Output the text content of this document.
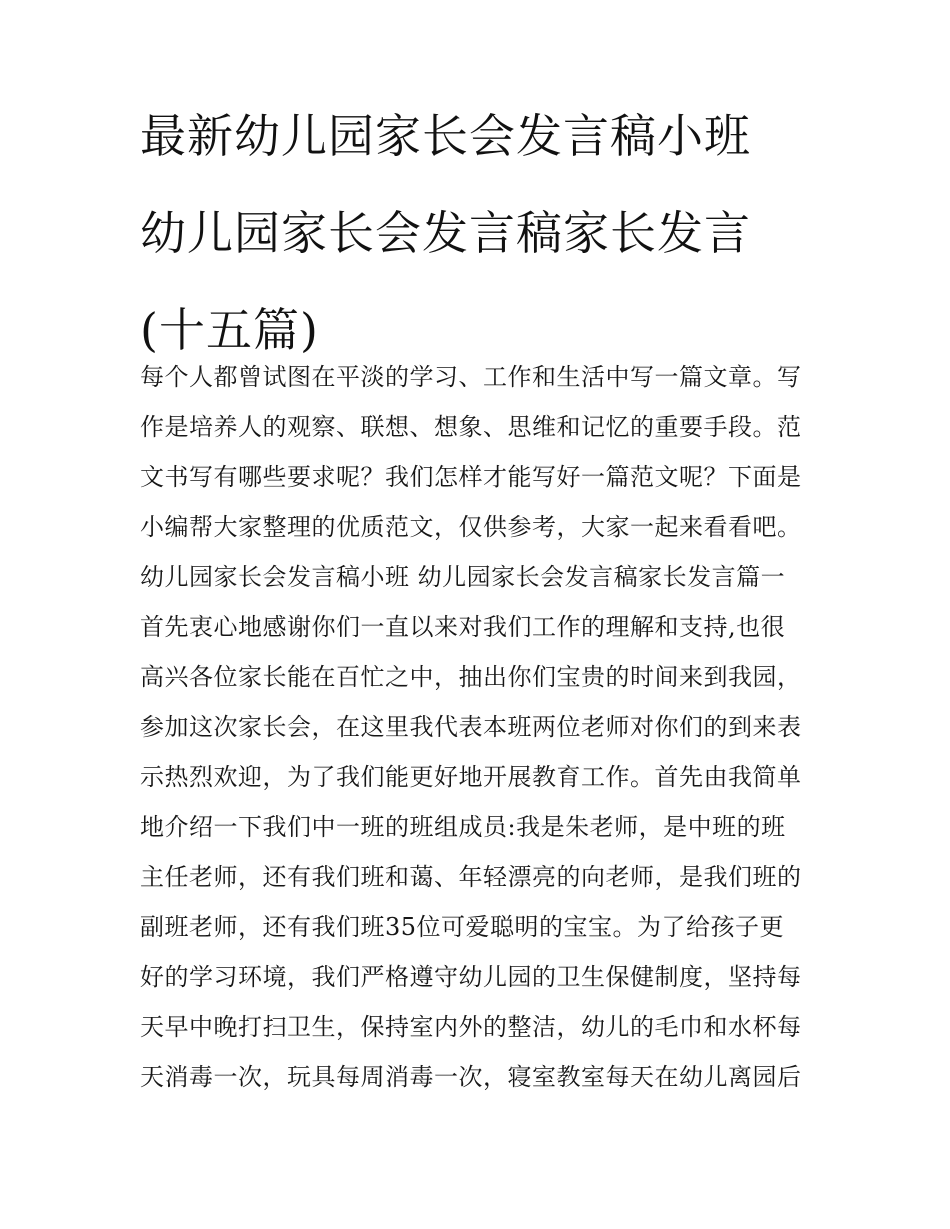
最新幼儿园家长会发言稿小班
幼儿园家长会发言稿家长发言
(十五篇)
每个人都曾试图在平淡的学习、工作和生活中写一篇文章。写
作是培养人的观察、联想、想象、思维和记忆的重要手段。范
文书写有哪些要求呢？我们怎样才能写好一篇范文呢？下面是
小编帮大家整理的优质范文，仅供参考，大家一起来看看吧。
幼儿园家长会发言稿小班 幼儿园家长会发言稿家长发言篇一
首先衷心地感谢你们一直以来对我们工作的理解和支持,也很
高兴各位家长能在百忙之中，抽出你们宝贵的时间来到我园，
参加这次家长会，在这里我代表本班两位老师对你们的到来表
示热烈欢迎，为了我们能更好地开展教育工作。首先由我简单
地介绍一下我们中一班的班组成员:我是朱老师，是中班的班
主任老师，还有我们班和蔼、年轻漂亮的向老师，是我们班的
副班老师，还有我们班35位可爱聪明的宝宝。为了给孩子更
好的学习环境，我们严格遵守幼儿园的卫生保健制度，坚持每
天早中晚打扫卫生，保持室内外的整洁，幼儿的毛巾和水杯每
天消毒一次，玩具每周消毒一次，寝室教室每天在幼儿离园后
